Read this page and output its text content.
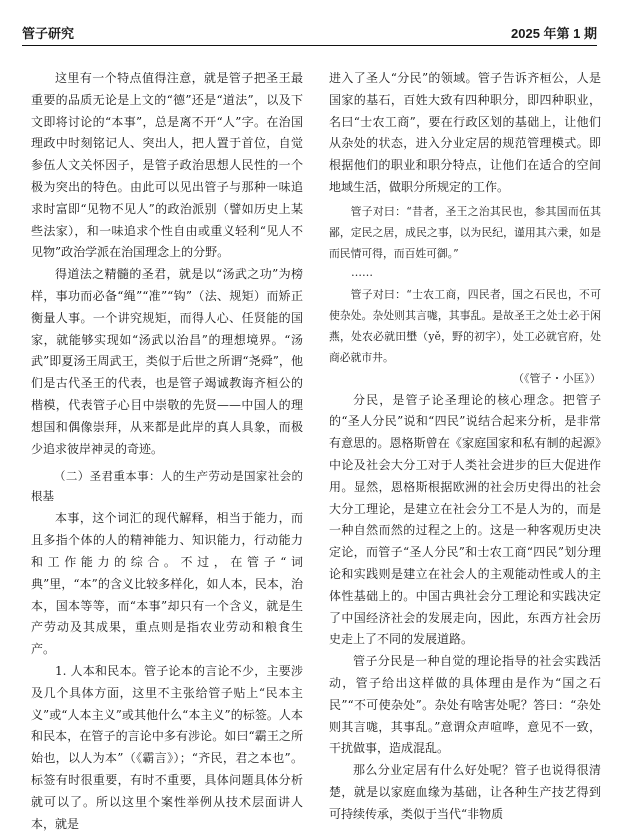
管子研究	2025 年第 1 期

这里有一个特点值得注意，就是管子把圣王最重要的品质无论是上文的“德”还是“道法”，以及下文即将讨论的“本事”，总是离不开“人”字。在治国理政中时刻铭记人、突出人，把人置于首位，自觉参伍人文关怀因子，是管子政治思想人民性的一个极为突出的特色。由此可以见出管子与那种一味追求时富即“见物不见人”的政治派别（譬如历史上某些法家），和一味追求个性自由或重义轻利“见人不见物”政治学派在治国理念上的分野。

得道法之精髓的圣君，就是以“汤武之功”为榜样，事功而必备“绳”“准”“钩”（法、规矩）而矫正衡量人事。一个讲究规矩，而得人心、任贤能的国家，就能够实现如“汤武以治昌”的理想境界。“汤武”即夏汤王周武王，类似于后世之所谓“尧舜”，他们是古代圣王的代表，也是管子竭诚教诲齐桓公的楷模，代表管子心目中崇敬的先贤——中国人的理想国和偶像崇拜，从来都是此岸的真人具象，而极少追求彼岸神灵的奇迹。

（二）圣君重本事：人的生产劳动是国家社会的根基

本事，这个词汇的现代解释，相当于能力，而且多指个体的人的精神能力、知识能力，行动能力和工作能力的综合。不过，在管子“词典”里，“本”的含义比较多样化，如人本，民本，治本，国本等等，而“本事”却只有一个含义，就是生产劳动及其成果，重点则是指农业劳动和粮食生产。

1. 人本和民本。管子论本的言论不少，主要涉及几个具体方面，这里不主张给管子贴上“民本主义”或“人本主义”或其他什么“本主义”的标签。人本和民本，在管子的言论中多有涉论。如曰“霸王之所始也，以人为本”（《霸言》）；“齐民，君之本也”。标签有时很重要，有时不重要，具体问题具体分析就可以了。所以这里个案性举例从技术层面讲人本，就是

进入了圣人“分民”的领域。管子告诉齐桓公，人是国家的基石，百姓大致有四种职分，即四种职业，名曰“士农工商”，要在行政区划的基础上，让他们从杂处的状态，进入分业定居的规范管理模式。即根据他们的职业和职分特点，让他们在适合的空间地域生活，做职分所规定的工作。

管子对曰：“昔者，圣王之治其民也，参其国而伍其鄙，定民之居，成民之事，以为民纪，谨用其六秉，如是而民情可得，而百姓可御。”

……

管子对曰：“士农工商，四民者，国之石民也，不可使杂处。杂处则其言哤，其事乱。是故圣王之处士必于闲燕，处农必就田壄（yě，野的初字），处工必就官府，处商必就市井。

（《管子・小匡》）

分民，是管子论圣理论的核心理念。把管子的“圣人分民”说和“四民”说结合起来分析，是非常有意思的。恩格斯曾在《家庭国家和私有制的起源》中论及社会大分工对于人类社会进步的巨大促进作用。显然，恩格斯根据欧洲的社会历史得出的社会大分工理论，是建立在社会分工不是人为的，而是一种自然而然的过程之上的。这是一种客观历史决定论，而管子“圣人分民”和士农工商“四民”划分理论和实践则是建立在社会人的主观能动性或人的主体性基础上的。中国古典社会分工理论和实践决定了中国经济社会的发展走向，因此，东西方社会历史走上了不同的发展道路。

管子分民是一种自觉的理论指导的社会实践活动，管子给出这样做的具体理由是作为“国之石民”“不可使杂处”。杂处有啥害处呢？答曰：“杂处则其言哤，其事乱。”意谓众声喧哗，意见不一致，干扰做事，造成混乱。

那么分业定居有什么好处呢？管子也说得很清楚，就是以家庭血缘为基础，让各种生产技艺得到可持续传承，类似于当代“非物质
